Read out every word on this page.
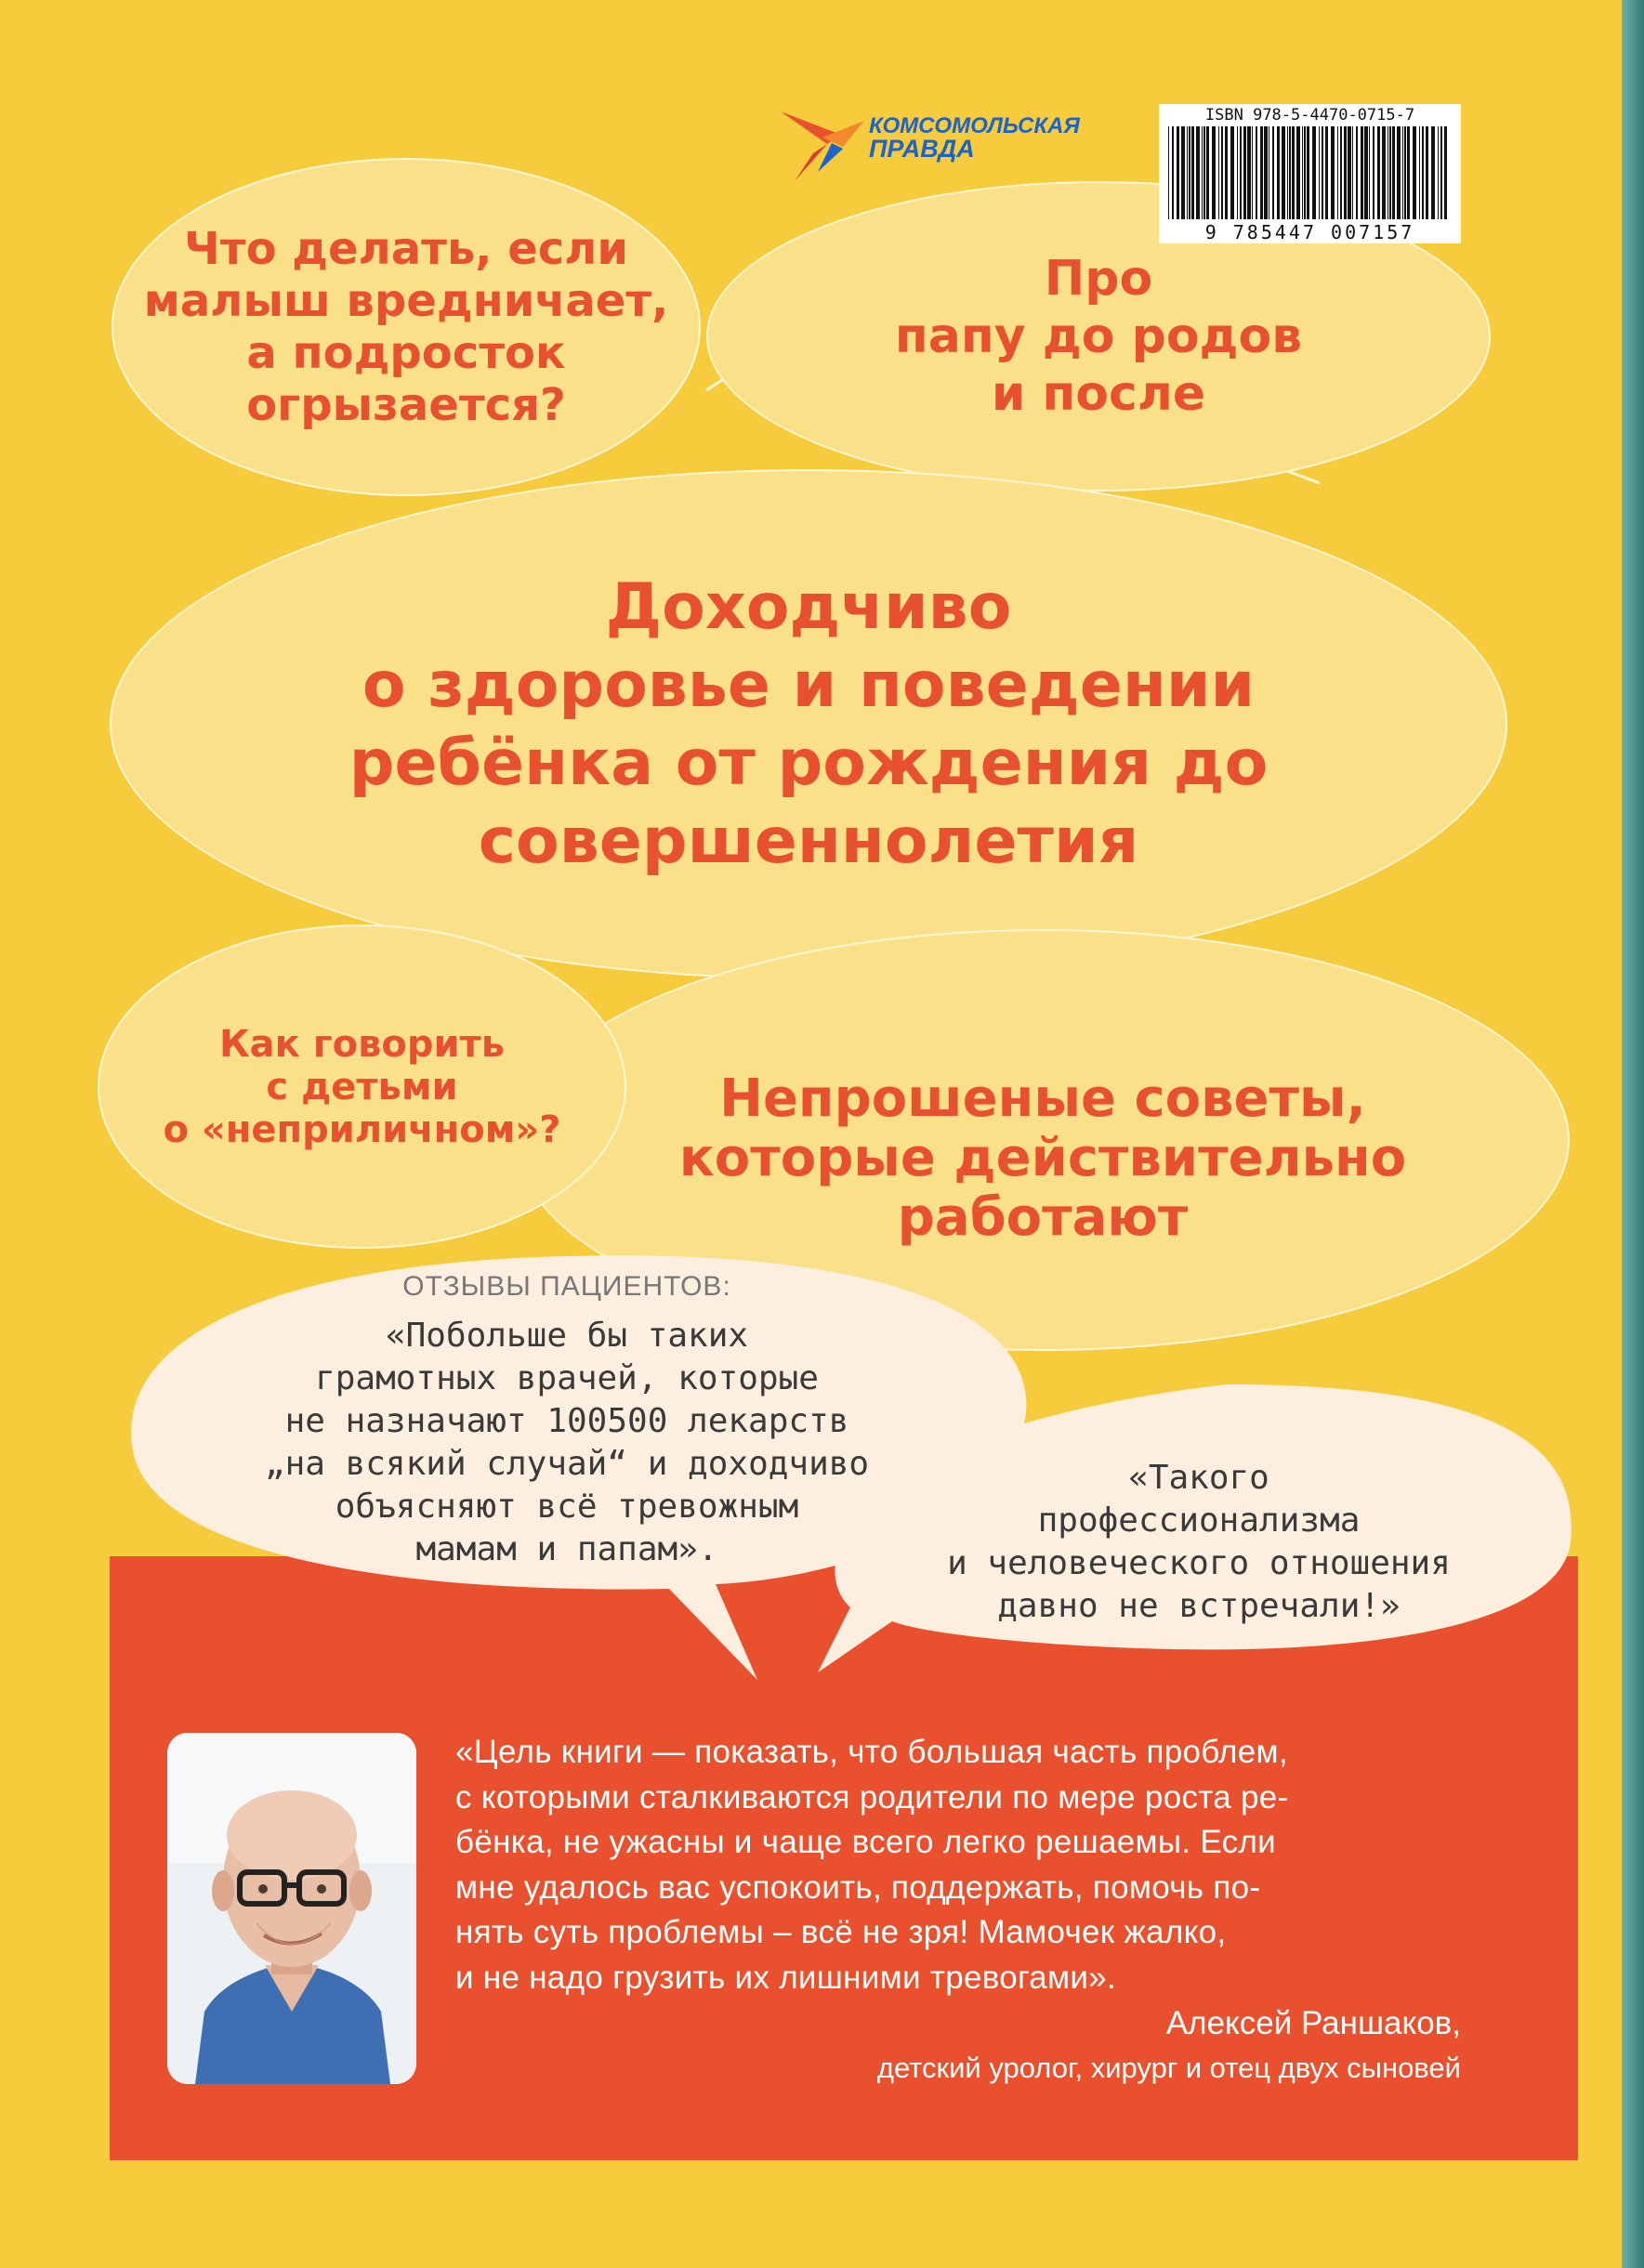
Что делать, если
малыш вредничает,
а подросток
огрызается?
Про
папу до родов
и после
Доходчиво
о здоровье и поведении
ребёнка от рождения до
совершеннолетия
Непрошеные советы,
которые действительно
работают
Как говорить
с детьми
о «неприличном»?
ОТЗЫВЫ ПАЦИЕНТОВ:
«Побольше бы таких
грамотных врачей, которые
не назначают 100500 лекарств
„на всякий случай“ и доходчиво
объясняют всё тревожным
мамам и папам».
«Такого
профессионализма
и человеческого отношения
давно не встречали!»
«Цель книги — показать, что большая часть проблем,
с которыми сталкиваются родители по мере роста ре-
бёнка, не ужасны и чаще всего легко решаемы. Если
мне удалось вас успокоить, поддержать, помочь по-
нять суть проблемы – всё не зря! Мамочек жалко,
и не надо грузить их лишними тревогами».
Алексей Раншаков,
детский уролог, хирург и отец двух сыновей
КОМСОМОЛЬСКАЯ
ПРАВДА
ISBN 978-5-4470-0715-7
9 785447 007157
